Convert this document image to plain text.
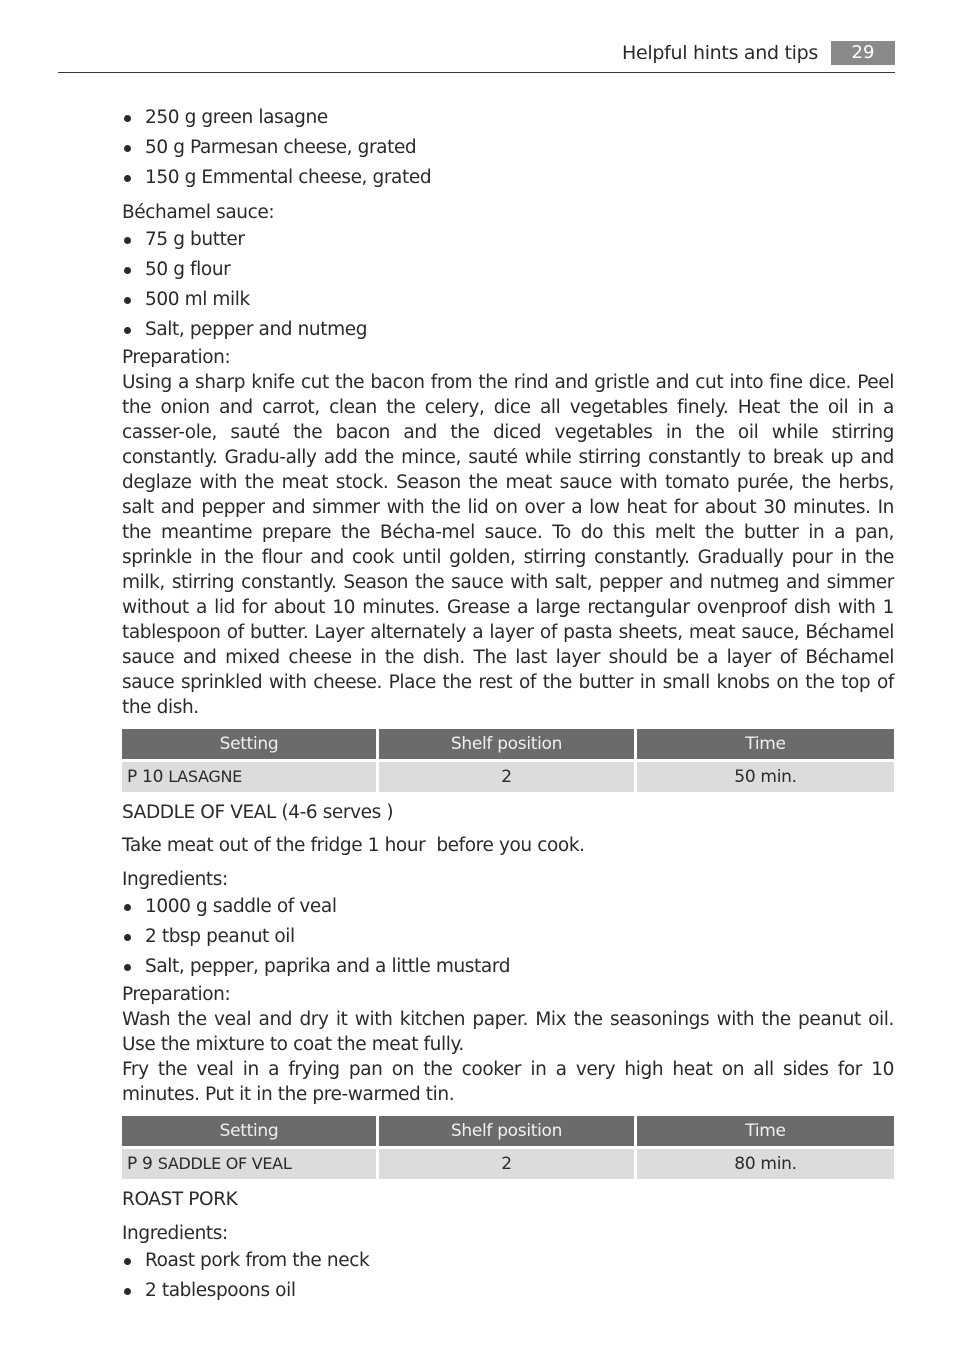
Helpful hints and tips	29
250 g green lasagne
50 g Parmesan cheese, grated
150 g Emmental cheese, grated
Béchamel sauce:
75 g butter
50 g flour
500 ml milk
Salt, pepper and nutmeg
Preparation:
Using a sharp knife cut the bacon from the rind and gristle and cut into fine dice. Peel the onion and carrot, clean the celery, dice all vegetables finely. Heat the oil in a casser-ole, sauté the bacon and the diced vegetables in the oil while stirring constantly. Gradu-ally add the mince, sauté while stirring constantly to break up and deglaze with the meat stock. Season the meat sauce with tomato purée, the herbs, salt and pepper and simmer with the lid on over a low heat for about 30 minutes. In the meantime prepare the Bécha-mel sauce. To do this melt the butter in a pan, sprinkle in the flour and cook until golden, stirring constantly. Gradually pour in the milk, stirring constantly. Season the sauce with salt, pepper and nutmeg and simmer without a lid for about 10 minutes. Grease a large rectangular ovenproof dish with 1 tablespoon of butter. Layer alternately a layer of pasta sheets, meat sauce, Béchamel sauce and mixed cheese in the dish. The last layer should be a layer of Béchamel sauce sprinkled with cheese. Place the rest of the butter in small knobs on the top of the dish.
Setting	Shelf position	Time
P 10 LASAGNE	2	50 min.
SADDLE OF VEAL (4-6 serves )
Take meat out of the fridge 1 hour  before you cook.
Ingredients:
1000 g saddle of veal
2 tbsp peanut oil
Salt, pepper, paprika and a little mustard
Preparation:
Wash the veal and dry it with kitchen paper. Mix the seasonings with the peanut oil. Use the mixture to coat the meat fully.
Fry the veal in a frying pan on the cooker in a very high heat on all sides for 10 minutes. Put it in the pre-warmed tin.
Setting	Shelf position	Time
P 9 SADDLE OF VEAL	2	80 min.
ROAST PORK
Ingredients:
Roast pork from the neck
2 tablespoons oil
